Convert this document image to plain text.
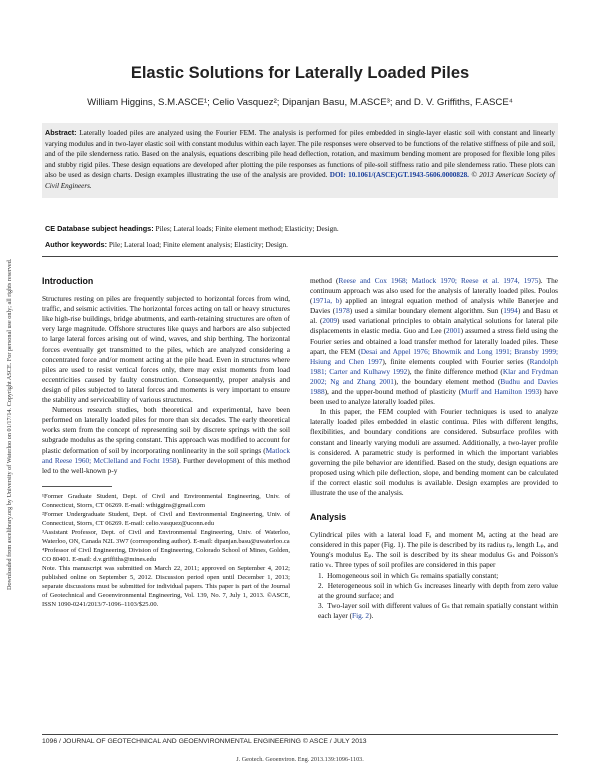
Downloaded from ascelibrary.org by University of Waterloo on 01/17/14. Copyright ASCE. For personal use only; all rights reserved.
Elastic Solutions for Laterally Loaded Piles
William Higgins, S.M.ASCE¹; Celio Vasquez²; Dipanjan Basu, M.ASCE³; and D. V. Griffiths, F.ASCE⁴
Abstract: Laterally loaded piles are analyzed using the Fourier FEM. The analysis is performed for piles embedded in single-layer elastic soil with constant and linearly varying modulus and in two-layer elastic soil with constant modulus within each layer. The pile responses were observed to be functions of the relative stiffness of pile and soil, and of the pile slenderness ratio. Based on the analysis, equations describing pile head deflection, rotation, and maximum bending moment are proposed for flexible long piles and stubby rigid piles. These design equations are developed after plotting the pile responses as functions of pile-soil stiffness ratio and pile slenderness ratio. These plots can also be used as design charts. Design examples illustrating the use of the analysis are provided. DOI: 10.1061/(ASCE)GT.1943-5606.0000828. © 2013 American Society of Civil Engineers.
CE Database subject headings: Piles; Lateral loads; Finite element method; Elasticity; Design.
Author keywords: Pile; Lateral load; Finite element analysis; Elasticity; Design.
Introduction

Structures resting on piles are frequently subjected to horizontal forces from wind, traffic, and seismic activities. The horizontal forces acting on tall or heavy structures like high-rise buildings, bridge abutments, and earth-retaining structures are often of very large magnitude. Offshore structures like quays and harbors are also subjected to large lateral forces arising out of wind, waves, and ship berthing. The horizontal forces eventually get transmitted to the piles, which are analyzed considering a concentrated force and/or moment acting at the pile head. Even in structures where piles are used to resist vertical forces only, there may exist moments from load eccentricities caused by faulty construction. Consequently, proper analysis and design of piles subjected to lateral forces and moments is very important to ensure the stability and serviceability of various structures.

Numerous research studies, both theoretical and experimental, have been performed on laterally loaded piles for more than six decades. The early theoretical works stem from the concept of representing soil by discrete springs with the soil subgrade modulus as the spring constant. This approach was modified to account for plastic deformation of soil by incorporating nonlinearity in the soil springs (Matlock and Reese 1960; McClelland and Focht 1958). Further development of this method led to the well-known p-y

¹Former Graduate Student, Dept. of Civil and Environmental Engineering, Univ. of Connecticut, Storrs, CT 06269. E-mail: wthiggins@gmail.com

²Former Undergraduate Student, Dept. of Civil and Environmental Engineering, Univ. of Connecticut, Storrs, CT 06269. E-mail: celio.vasquez@uconn.edu

³Assistant Professor, Dept. of Civil and Environmental Engineering, Univ. of Waterloo, Waterloo, ON, Canada N2L 3W7 (corresponding author). E-mail: dipanjan.basu@uwaterloo.ca

⁴Professor of Civil Engineering, Division of Engineering, Colorado School of Mines, Golden, CO 80401. E-mail: d.v.griffiths@mines.edu

Note. This manuscript was submitted on March 22, 2011; approved on September 4, 2012; published online on September 5, 2012. Discussion period open until December 1, 2013; separate discussions must be submitted for individual papers. This paper is part of the Journal of Geotechnical and Geoenvironmental Engineering, Vol. 139, No. 7, July 1, 2013. ©ASCE, ISSN 1090-0241/2013/7-1096–1103/$25.00.

method (Reese and Cox 1968; Matlock 1970; Reese et al. 1974, 1975). The continuum approach was also used for the analysis of laterally loaded piles. Poulos (1971a, b) applied an integral equation method of analysis while Banerjee and Davies (1978) used a similar boundary element algorithm. Sun (1994) and Basu et al. (2009) used variational principles to obtain analytical solutions for lateral pile displacements in elastic media. Guo and Lee (2001) assumed a stress field using the Fourier series and obtained a load transfer method for laterally loaded piles. These apart, the FEM (Desai and Appel 1976; Bhowmik and Long 1991; Bransby 1999; Hsiung and Chen 1997), finite elements coupled with Fourier series (Randolph 1981; Carter and Kulhawy 1992), the finite difference method (Klar and Frydman 2002; Ng and Zhang 2001), the boundary element method (Budhu and Davies 1988), and the upper-bound method of plasticity (Murff and Hamilton 1993) have been used to analyze laterally loaded piles.

In this paper, the FEM coupled with Fourier techniques is used to analyze laterally loaded piles embedded in elastic continua. Piles with different lengths, flexibilities, and boundary conditions are considered. Subsurface profiles with constant and linearly varying moduli are assumed. Additionally, a two-layer profile is considered. A parametric study is performed in which the important variables governing the pile behavior are identified. Based on the study, design equations are proposed using which pile deflection, slope, and bending moment can be calculated if the correct elastic soil modulus is available. Design examples are provided to illustrate the use of the analysis.

Analysis

Cylindrical piles with a lateral load Fₐ and moment Mₐ acting at the head are considered in this paper (Fig. 1). The pile is described by its radius rₚ, length Lₚ, and Young's modulus Eₚ. The soil is described by its shear modulus Gₛ and Poisson's ratio νₛ. Three types of soil profiles are considered in this paper

1.  Homogeneous soil in which Gₛ remains spatially constant;
2.  Heterogeneous soil in which Gₛ increases linearly with depth from zero value at the ground surface; and
3.  Two-layer soil with different values of Gₛ that remain spatially constant within each layer (Fig. 2).
1096 / JOURNAL OF GEOTECHNICAL AND GEOENVIRONMENTAL ENGINEERING © ASCE / JULY 2013
J. Geotech. Geoenviron. Eng. 2013.139:1096-1103.
